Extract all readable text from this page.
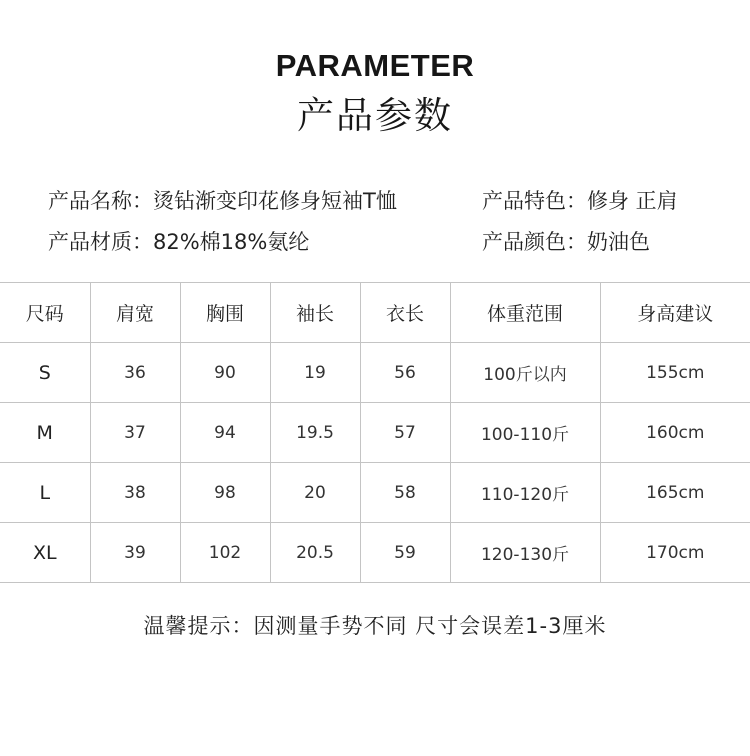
PARAMETER
产品参数
产品名称：烫钻渐变印花修身短袖T恤
产品材质：82%棉18%氨纶
产品特色：修身 正肩
产品颜色：奶油色
尺码	肩宽	胸围	袖长	衣长	体重范围	身高建议
S	36	90	19	56	100斤以内	155cm
M	37	94	19.5	57	100-110斤	160cm
L	38	98	20	58	110-120斤	165cm
XL	39	102	20.5	59	120-130斤	170cm
温馨提示：因测量手势不同 尺寸会误差1-3厘米
